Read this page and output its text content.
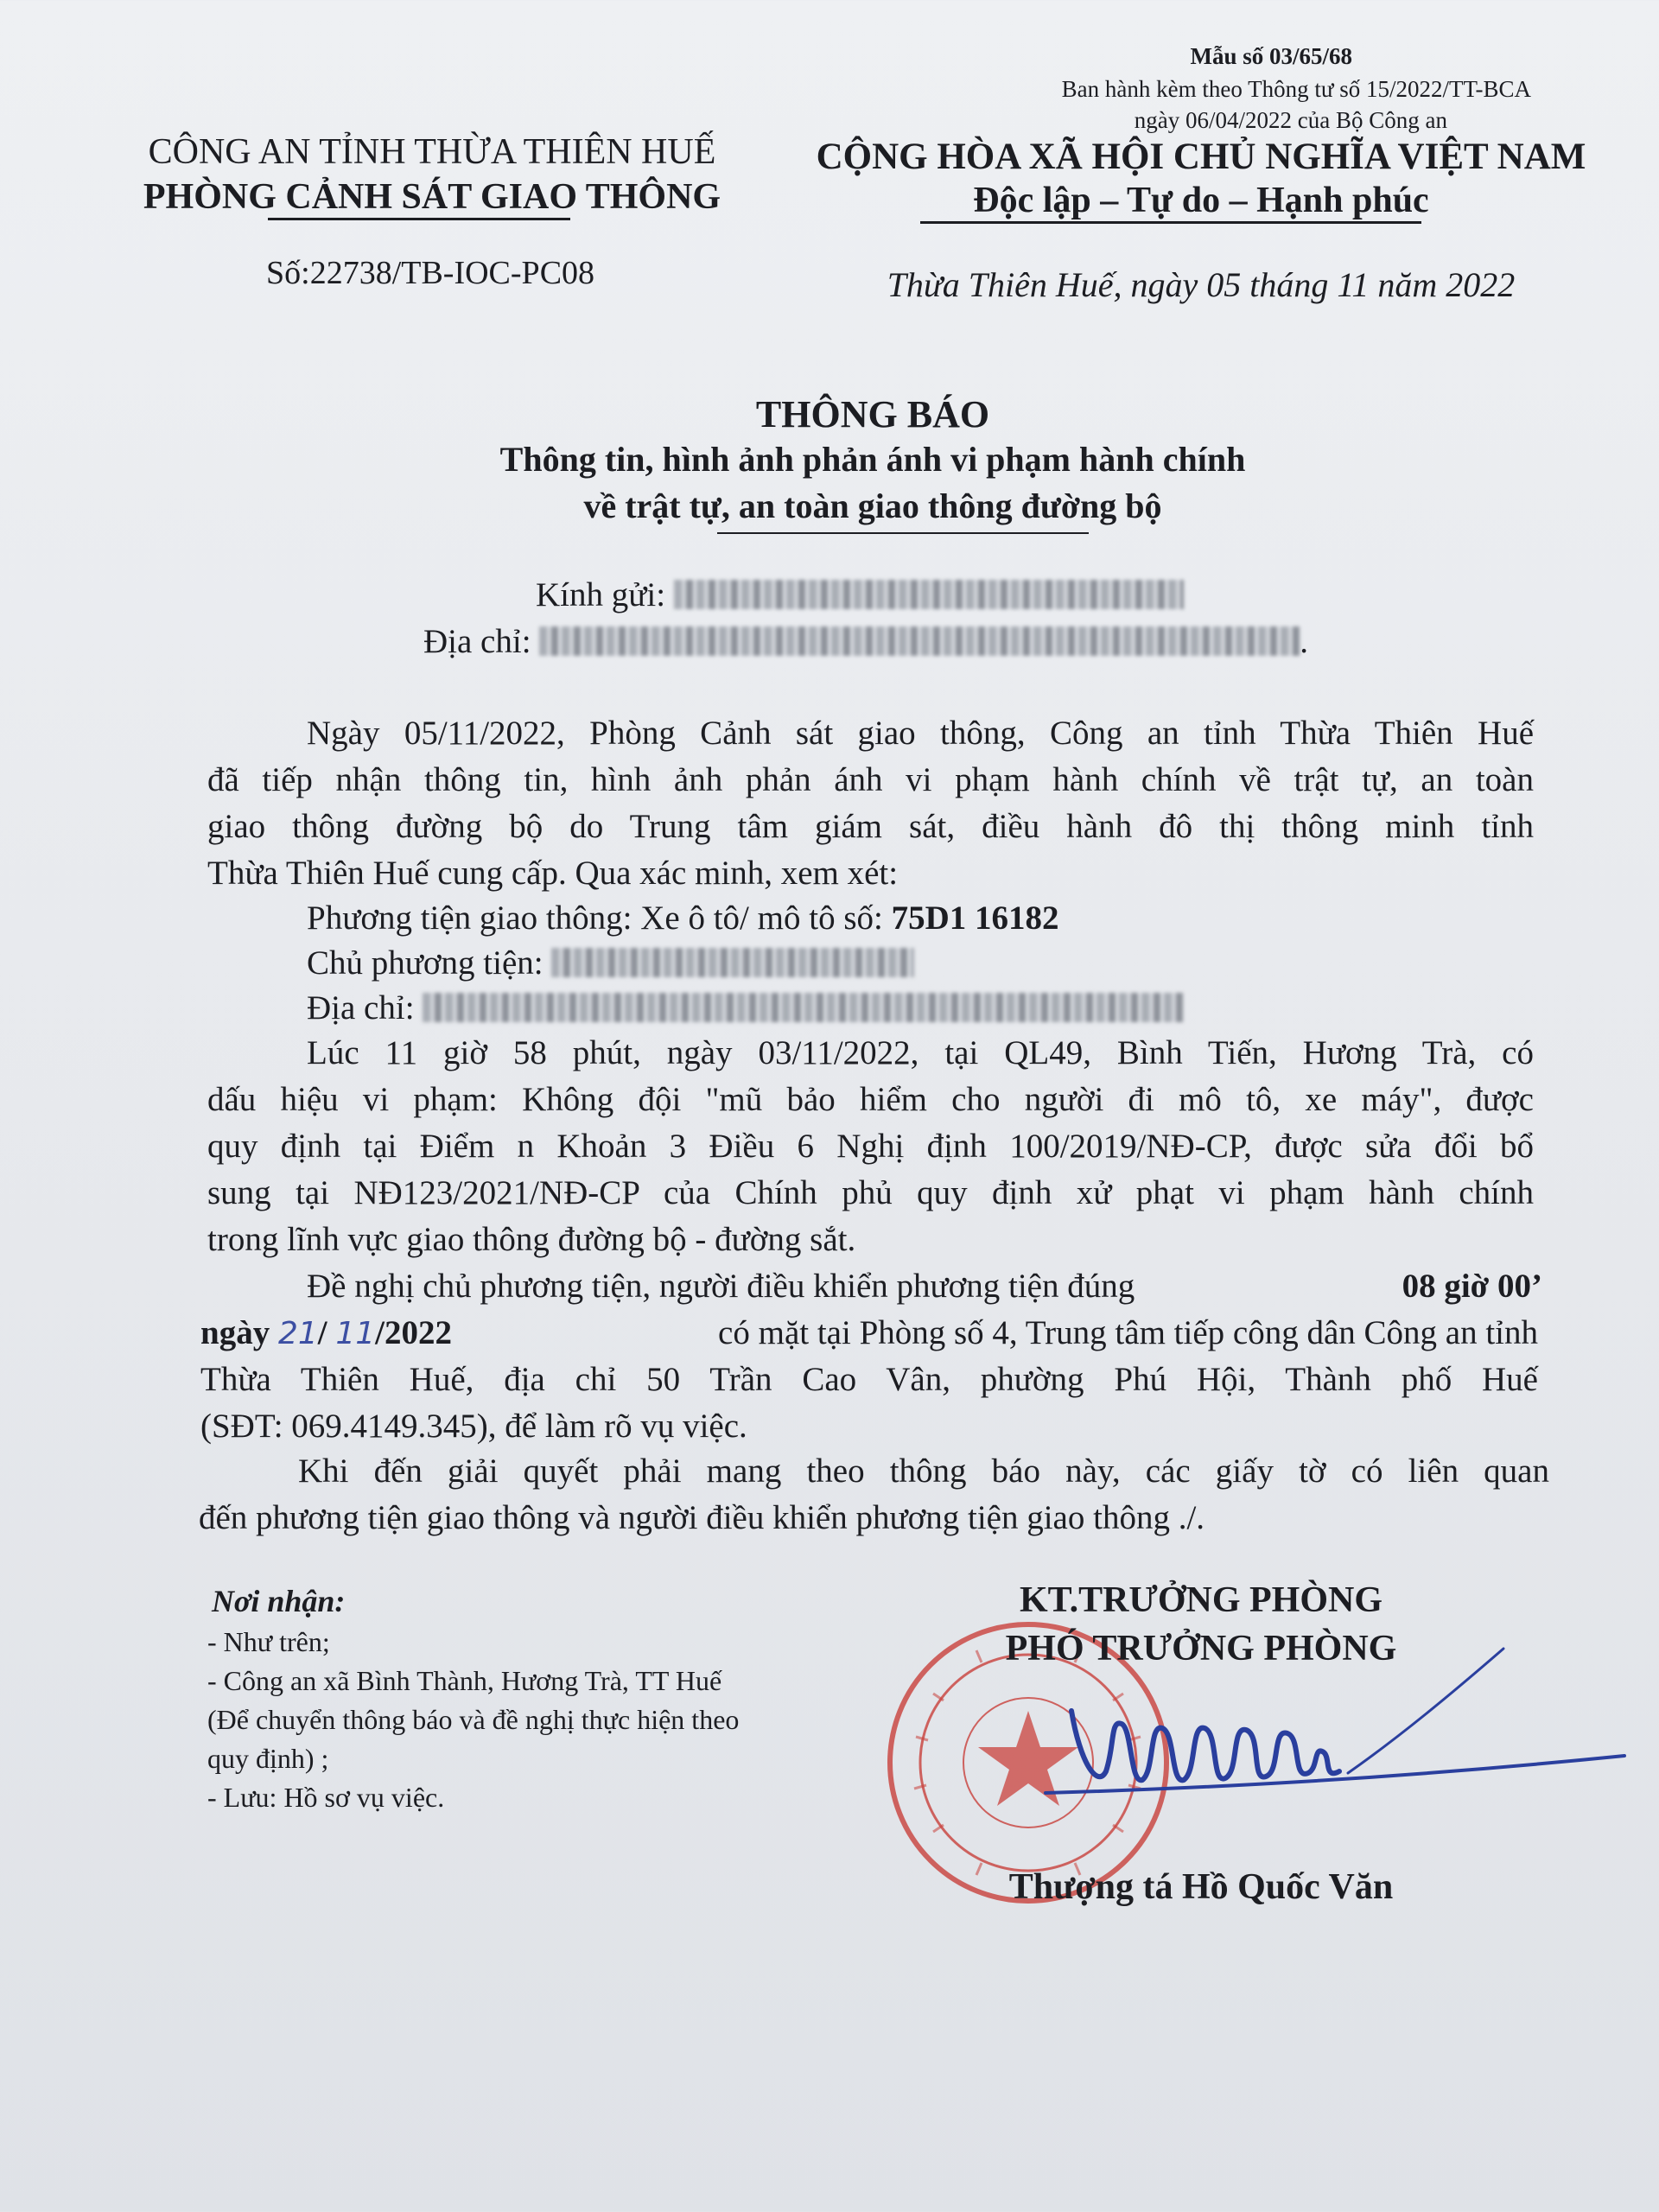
Mẫu số 03/65/68
Ban hành kèm theo Thông tư số 15/2022/TT-BCA
ngày 06/04/2022 của Bộ Công an
CÔNG AN TỈNH THỪA THIÊN HUẾ
PHÒNG CẢNH SÁT GIAO THÔNG
Số:22738/TB-IOC-PC08
CỘNG HÒA XÃ HỘI CHỦ NGHĨA VIỆT NAM
Độc lập – Tự do – Hạnh phúc
Thừa Thiên Huế, ngày 05 tháng 11 năm 2022
THÔNG BÁO
Thông tin, hình ảnh phản ánh vi phạm hành chính
về trật tự, an toàn giao thông đường bộ
Kính gửi:
Địa chỉ:	.
Ngày 05/11/2022, Phòng Cảnh sát giao thông, Công an tỉnh Thừa Thiên Huế
đã tiếp nhận thông tin, hình ảnh phản ánh vi phạm hành chính về trật tự, an toàn
giao thông đường bộ do Trung tâm giám sát, điều hành đô thị thông minh tỉnh
Thừa Thiên Huế cung cấp. Qua xác minh, xem xét:
Phương tiện giao thông: Xe ô tô/ mô tô số: 75D1 16182
Chủ phương tiện:
Địa chỉ:
Lúc 11 giờ 58 phút, ngày 03/11/2022, tại QL49, Bình Tiến, Hương Trà, có
dấu hiệu vi phạm: Không đội "mũ bảo hiểm cho người đi mô tô, xe máy", được
quy định tại Điểm n Khoản 3 Điều 6 Nghị định 100/2019/NĐ-CP, được sửa đổi bổ
sung tại NĐ123/2021/NĐ-CP của Chính phủ quy định xử phạt vi phạm hành chính
trong lĩnh vực giao thông đường bộ - đường sắt.
Đề nghị chủ phương tiện, người điều khiển phương tiện đúng	08 giờ 00’
ngày 21/ 11/2022	có mặt tại Phòng số 4, Trung tâm tiếp công dân Công an tỉnh
Thừa Thiên Huế, địa chỉ 50 Trần Cao Vân, phường Phú Hội, Thành phố Huế
(SĐT: 069.4149.345), để làm rõ vụ việc.
Khi đến giải quyết phải mang theo thông báo này, các giấy tờ có liên quan
đến phương tiện giao thông và người điều khiển phương tiện giao thông ./.
Nơi nhận:
- Như trên;
- Công an xã Bình Thành, Hương Trà, TT Huế
(Để chuyển thông báo và đề nghị thực hiện theo
quy định) ;
- Lưu: Hồ sơ vụ việc.
KT.TRƯỞNG PHÒNG
PHÓ TRƯỞNG PHÒNG
Thượng tá Hồ Quốc Văn
